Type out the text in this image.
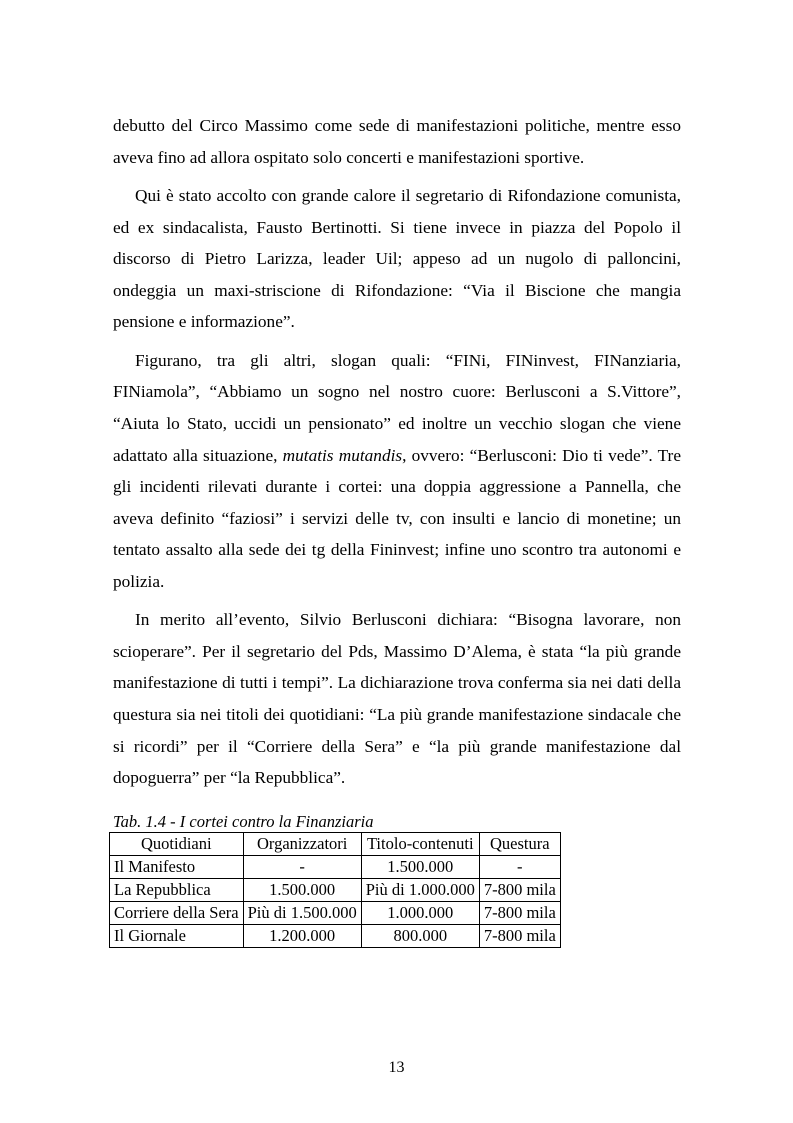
debutto del Circo Massimo come sede di manifestazioni politiche, mentre esso aveva fino ad allora ospitato solo concerti e manifestazioni sportive.

Qui è stato accolto con grande calore il segretario di Rifondazione comunista, ed ex sindacalista, Fausto Bertinotti. Si tiene invece in piazza del Popolo il discorso di Pietro Larizza, leader Uil; appeso ad un nugolo di palloncini, ondeggia un maxi-striscione di Rifondazione: “Via il Biscione che mangia pensione e informazione”.

Figurano, tra gli altri, slogan quali: “FINi, FINinvest, FINanziaria, FINiamola”, “Abbiamo un sogno nel nostro cuore: Berlusconi a S.Vittore”, “Aiuta lo Stato, uccidi un pensionato” ed inoltre un vecchio slogan che viene adattato alla situazione, mutatis mutandis, ovvero: “Berlusconi: Dio ti vede”. Tre gli incidenti rilevati durante i cortei: una doppia aggressione a Pannella, che aveva definito “faziosi” i servizi delle tv, con insulti e lancio di monetine; un tentato assalto alla sede dei tg della Fininvest; infine uno scontro tra autonomi e polizia.

In merito all’evento, Silvio Berlusconi dichiara: “Bisogna lavorare, non scioperare”. Per il segretario del Pds, Massimo D’Alema, è stata “la più grande manifestazione di tutti i tempi”. La dichiarazione trova conferma sia nei dati della questura sia nei titoli dei quotidiani: “La più grande manifestazione sindacale che si ricordi” per il “Corriere della Sera” e “la più grande manifestazione dal dopoguerra” per “la Repubblica”.

Tab. 1.4 - I cortei contro la Finanziaria
Quotidiani	Organizzatori	Titolo-contenuti	Questura
Il Manifesto	-	1.500.000	-
La Repubblica	1.500.000	Più di 1.000.000	7-800 mila
Corriere della Sera	Più di 1.500.000	1.000.000	7-800 mila
Il Giornale	1.200.000	800.000	7-800 mila
13
